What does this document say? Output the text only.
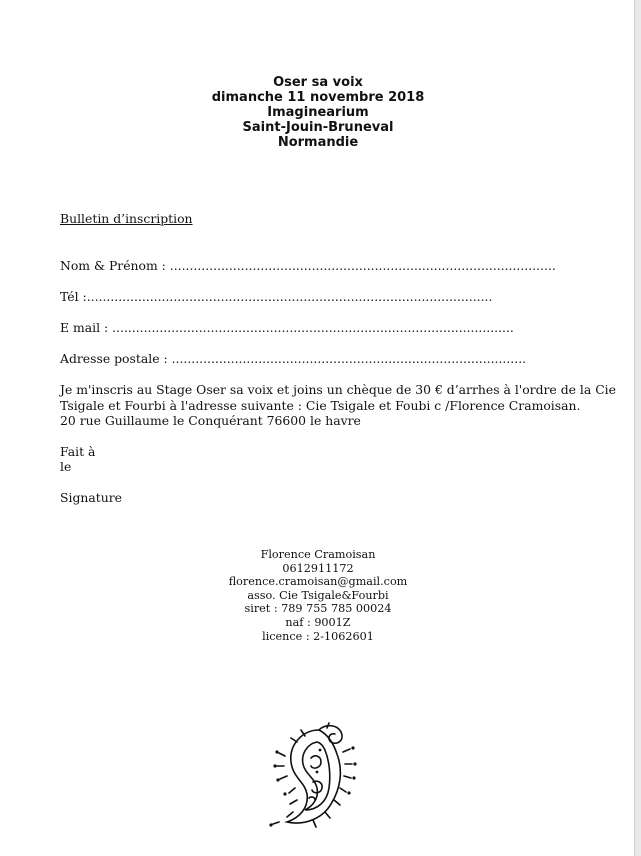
Oser sa voix
dimanche 11 novembre 2018
Imaginearium
Saint-Jouin-Bruneval
Normandie
Bulletin d’inscription
Nom & Prénom : ..................................................................................................
Tél :.......................................................................................................
E mail : ......................................................................................................
Adresse postale : ..........................................................................................
Je m'inscris au Stage Oser sa voix et joins un chèque de 30 € d’arrhes à l'ordre de la Cie
Tsigale et Fourbi à l'adresse suivante : Cie Tsigale et Foubi c /Florence Cramoisan.
20 rue Guillaume le Conquérant 76600 le havre
Fait à
le
Signature
Florence Cramoisan
0612911172
florence.cramoisan@gmail.com
asso. Cie Tsigale&Fourbi
siret : 789 755 785 00024
naf : 9001Z
licence : 2-1062601
